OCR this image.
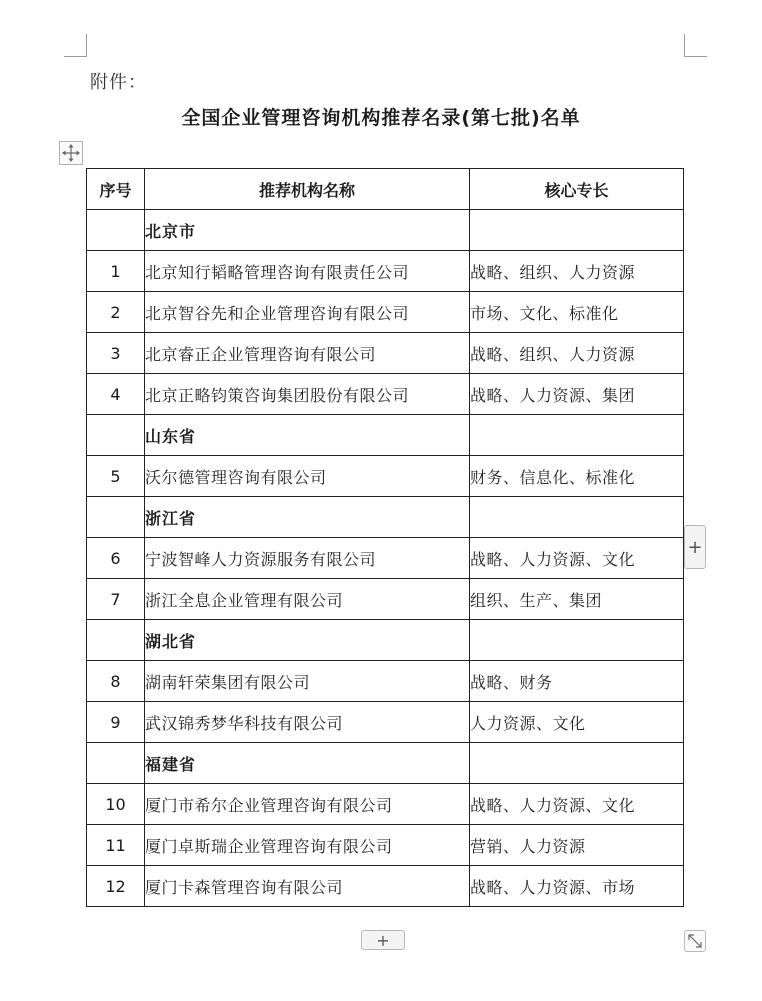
附件：
全国企业管理咨询机构推荐名录(第七批)名单
序号	推荐机构名称	核心专长
	北京市	
1	北京知行韬略管理咨询有限责任公司	战略、组织、人力资源
2	北京智谷先和企业管理咨询有限公司	市场、文化、标准化
3	北京睿正企业管理咨询有限公司	战略、组织、人力资源
4	北京正略钧策咨询集团股份有限公司	战略、人力资源、集团
	山东省	
5	沃尔德管理咨询有限公司	财务、信息化、标准化
	浙江省	
6	宁波智峰人力资源服务有限公司	战略、人力资源、文化
7	浙江全息企业管理有限公司	组织、生产、集团
	湖北省	
8	湖南轩荣集团有限公司	战略、财务
9	武汉锦秀梦华科技有限公司	人力资源、文化
	福建省	
10	厦门市希尔企业管理咨询有限公司	战略、人力资源、文化
11	厦门卓斯瑞企业管理咨询有限公司	营销、人力资源
12	厦门卡森管理咨询有限公司	战略、人力资源、市场
+
+
